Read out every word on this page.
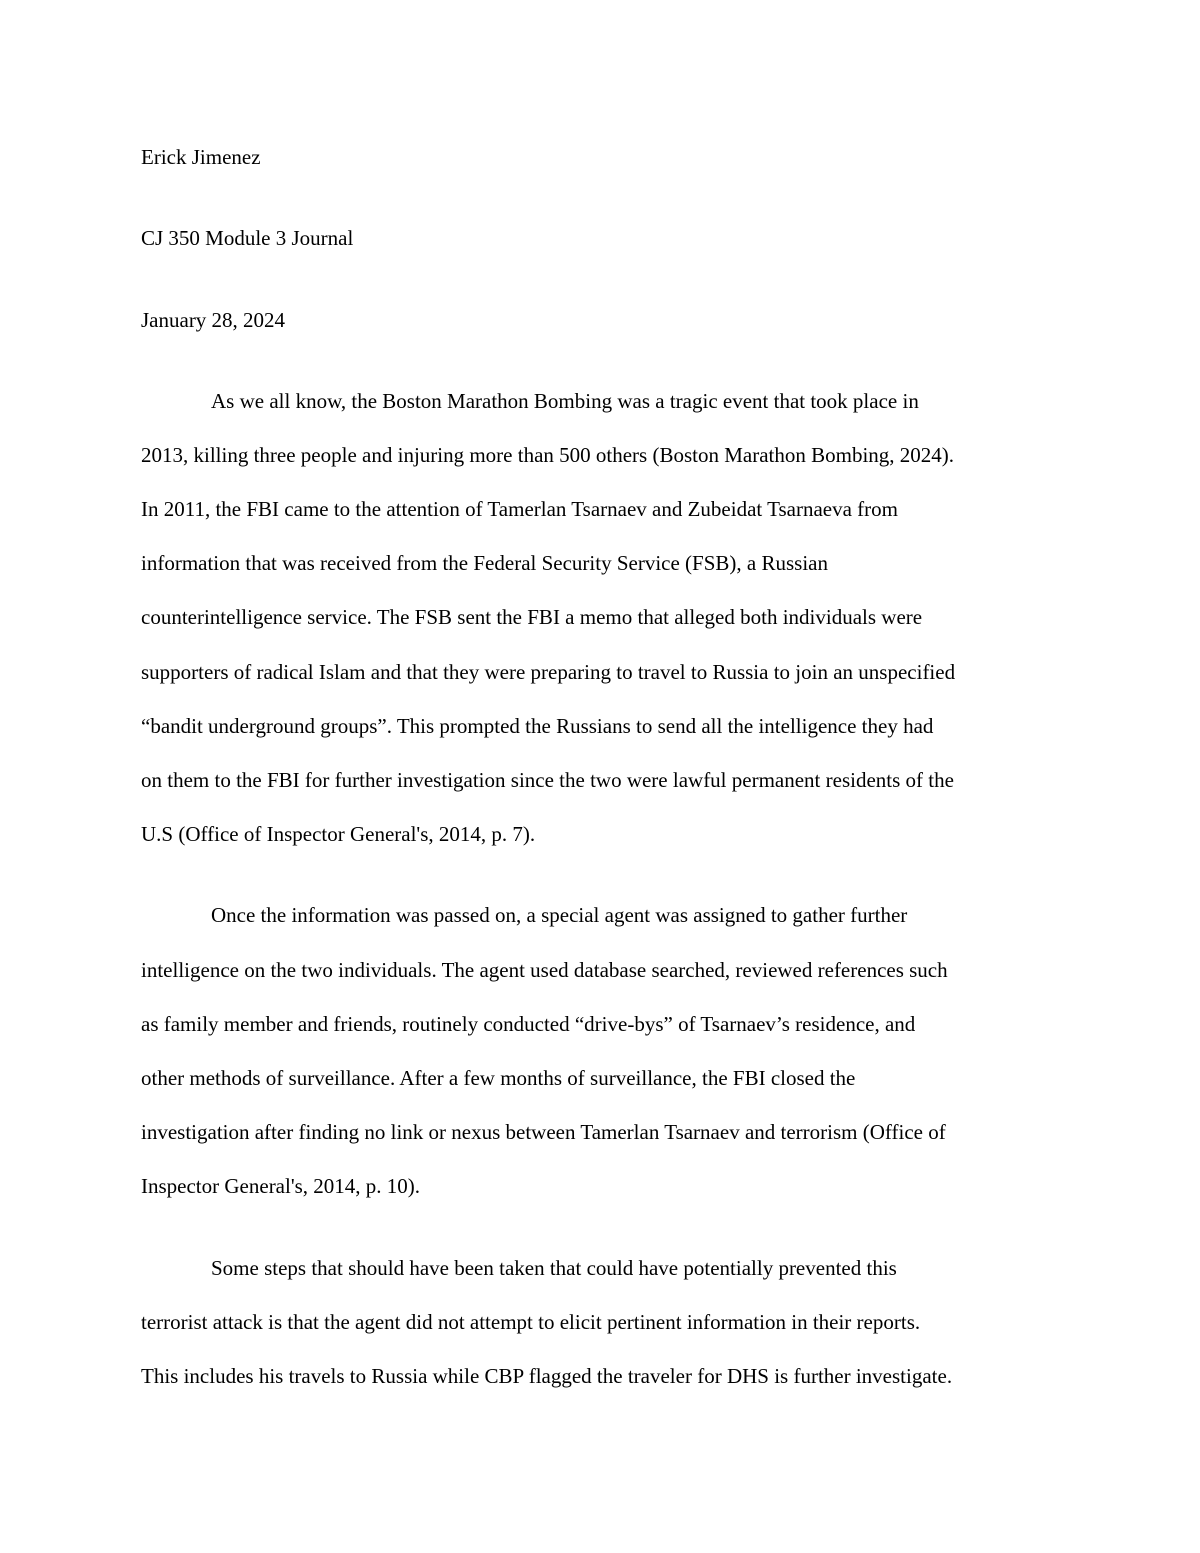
Erick Jimenez

CJ 350 Module 3 Journal

January 28, 2024

As we all know, the Boston Marathon Bombing was a tragic event that took place in

2013, killing three people and injuring more than 500 others (Boston Marathon Bombing, 2024).

In 2011, the FBI came to the attention of Tamerlan Tsarnaev and Zubeidat Tsarnaeva from

information that was received from the Federal Security Service (FSB), a Russian

counterintelligence service. The FSB sent the FBI a memo that alleged both individuals were

supporters of radical Islam and that they were preparing to travel to Russia to join an unspecified

“bandit underground groups”. This prompted the Russians to send all the intelligence they had

on them to the FBI for further investigation since the two were lawful permanent residents of the

U.S (Office of Inspector General's, 2014, p. 7).

Once the information was passed on, a special agent was assigned to gather further

intelligence on the two individuals. The agent used database searched, reviewed references such

as family member and friends, routinely conducted “drive-bys” of Tsarnaev’s residence, and

other methods of surveillance. After a few months of surveillance, the FBI closed the

investigation after finding no link or nexus between Tamerlan Tsarnaev and terrorism (Office of

Inspector General's, 2014, p. 10).

Some steps that should have been taken that could have potentially prevented this

terrorist attack is that the agent did not attempt to elicit pertinent information in their reports.

This includes his travels to Russia while CBP flagged the traveler for DHS is further investigate.
